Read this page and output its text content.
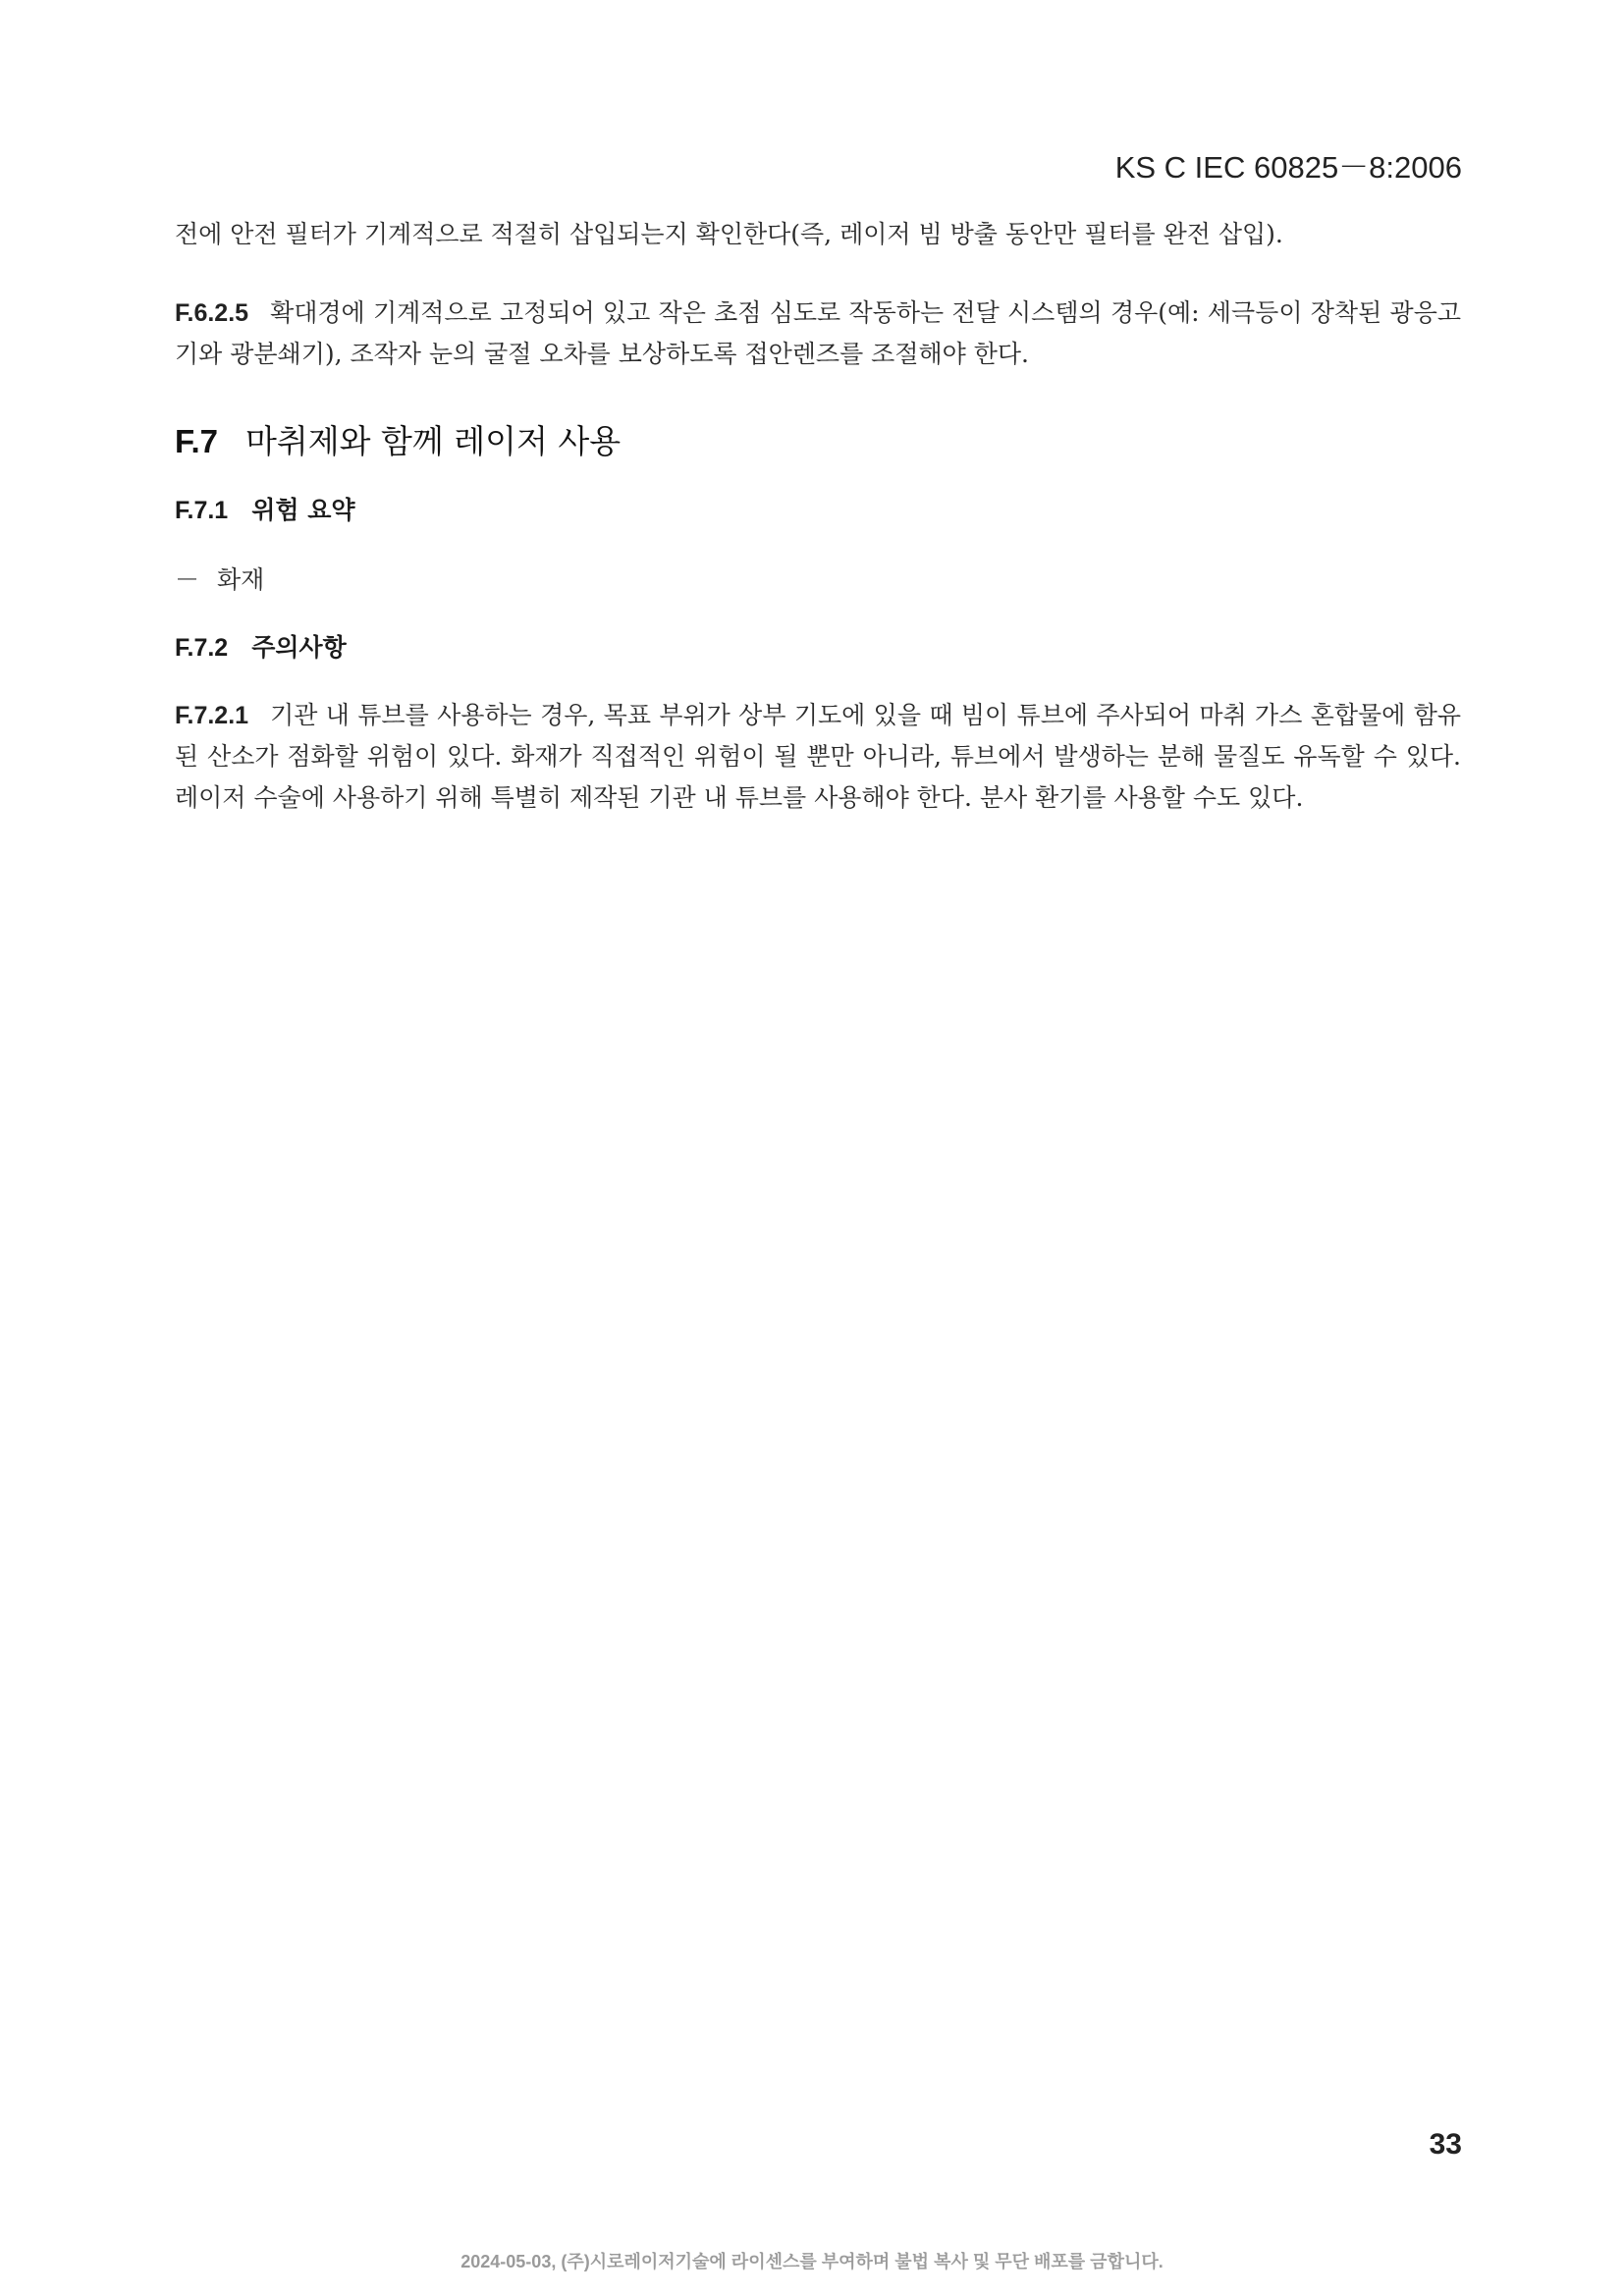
KS C IEC 60825－8:2006

전에 안전 필터가 기계적으로 적절히 삽입되는지 확인한다(즉, 레이저 빔 방출 동안만 필터를 완전 삽입).

F.6.2.5 확대경에 기계적으로 고정되어 있고 작은 초점 심도로 작동하는 전달 시스템의 경우(예: 세극등이 장착된 광응고기와 광분쇄기), 조작자 눈의 굴절 오차를 보상하도록 접안렌즈를 조절해야 한다.

F.7 마취제와 함께 레이저 사용
F.7.1 위험 요약

－ 화재

F.7.2 주의사항

F.7.2.1 기관 내 튜브를 사용하는 경우, 목표 부위가 상부 기도에 있을 때 빔이 튜브에 주사되어 마취 가스 혼합물에 함유된 산소가 점화할 위험이 있다. 화재가 직접적인 위험이 될 뿐만 아니라, 튜브에서 발생하는 분해 물질도 유독할 수 있다. 레이저 수술에 사용하기 위해 특별히 제작된 기관 내 튜브를 사용해야 한다. 분사 환기를 사용할 수도 있다.

33
2024-05-03, (주)시로레이저기술에 라이센스를 부여하며 불법 복사 및 무단 배포를 금합니다.
